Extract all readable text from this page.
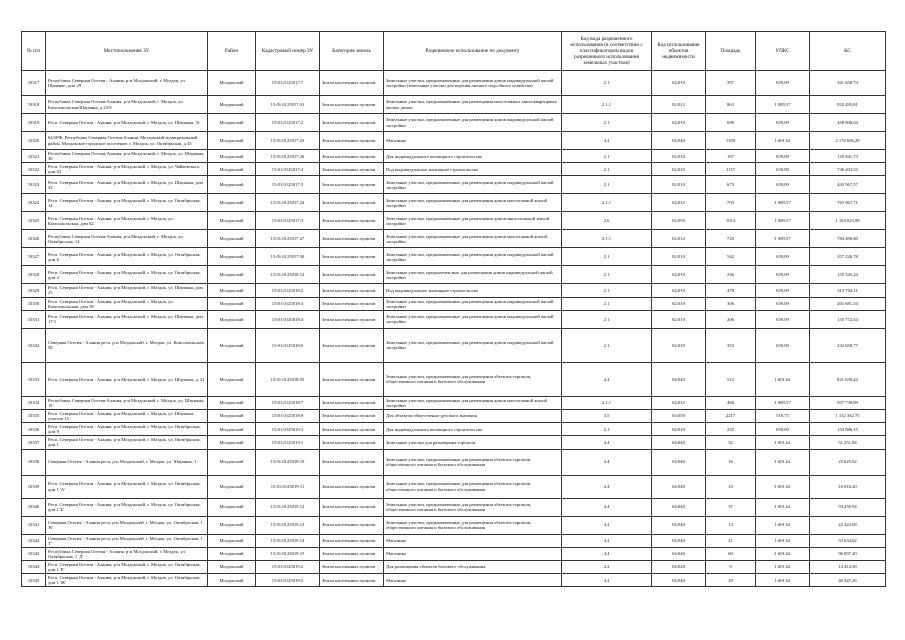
№ п/п	Местоположение ЗУ	Район	Кадастровый номер ЗУ	Категория земель	Разрешенное использование по документу	Код вида разрешенного использования (в соответствии с классификатором видов разрешенного использования земельных участков)	Код использования объектов недвижимости	Площадь	УПКС	КС
10317	Республика Северная Осетия - Алания, р-н Моздокский, г. Моздок, ул. Щаченко, дом 29	Моздокский	15:01:0125017:7	Земли населенных пунктов	Земельные участки, предназначенные для размещения домов индивидуальной жилой застройки (земельные участки для ведения личного подсобного хозяйства)	2.1	02:010	397	659,09	261 658,73
10318	Республика Северная Осетия-Алания, р-н Моздокский, г. Моздок, ул. Комсомольская/Шаумяна, д 23/9	Моздокский	15:01:0125017:31	Земли населенных пунктов	Земельные участки, предназначенные для размещения малоэтажных многоквартирных жилых домов	2.1.1	02:012	863	1 089,57	932 495,81
10319	Респ. Северная Осетия - Алания, р-н Моздокский, г. Моздок, ул. Шаумяна, 31	Моздокский	15:01:0125017:2	Земли населенных пунктов	Земельные участки, предназначенные для размещения домов индивидуальной жилой застройки	2.1	02:010	696	659,09	458 806,04
10320	643/РФ, Республика Северная Осетия-Алания, Моздокский муниципальный район, Моздокское городское поселение, г. Моздок, ул. Октябрьская, д 45	Моздокский	15:01:0125017:23	Земли населенных пунктов	Магазины	4.4	04:040	1359	1 601,62	2 176 606,29
10321	Республика Северная Осетия-Алания, р-н Моздокский, г. Моздок, ул. Шаумяна, 30	Моздокский	15:01:0125017:26	Земли населенных пунктов	Для индивидуального жилищного строительства	2.1	02:010	197	659,09	129 841,73
10322	Респ. Северная Осетия - Алания, р-н Моздокский, г. Моздок, ул. Чайковского, дом 82	Моздокский	15:01:0125017:4	Земли населенных пунктов	Под индивидуальное жилищное строительство	2.1	02:010	1117	659,09	736 203,53
10323	Респ. Северная Осетия - Алания, р-н Моздокский, г. Моздок, ул. Шаумяна, дом 33	Моздокский	15:01:0125017:5	Земли населенных пунктов	Земельные участки, предназначенные для размещения домов индивидуальной жилой застройки	2.1	02:010	673	659,09	443 567,57
10324	Респ. Северная Осетия - Алания, р-н Моздокский, г. Моздок, ул. Октябрьская, 12	Моздокский	15:01:0125017:24	Земли населенных пунктов	Земельные участки, предназначенные для размещения домов малоэтажной жилой застройки	2.1.1	02:012	703	1 089,57	765 967,71
10325	Респ. Северная Осетия - Алания, р-н Моздокский, г. Моздок, ул. Комсомольская, дом 62	Моздокский	15:01:0125017:3	Земли населенных пунктов	Земельные участки, предназначенные для размещения домов многоэтажной жилой застройки	2.6	02:050	1014	1 089,57	1 104 823,98
10326	Республика Северная Осетия-Алания, р-н Моздокский, г. Моздок, ул. Октябрьская, 14	Моздокский	15:01:0125017:27	Земли населенных пунктов	Земельные участки, предназначенные для размещения домов малоэтажной жилой застройки	2.1.1	02:012	720	1 089,57	784 490,40
10327	Респ. Северная Осетия - Алания, р-н Моздокский, г. Моздок, ул. Октябрьская, дом 6	Моздокский	15:01:0125017:30	Земли населенных пунктов	Земельные участки, предназначенные для размещения домов индивидуальной жилой застройки	2.1	02:010	542	659,09	357 226,78
10328	Респ. Северная Осетия - Алания, р-н Моздокский, г. Моздок, ул. Октябрьская, дом 2	Моздокский	15:01:0125018:12	Земли населенных пунктов	Земельные участки, предназачен-ные для размещения домов индивидуальной жилой застройки	2.1	02:010	236	659,09	155 545,24
10329	Респ. Северная Осетия - Алания, р-н Моздокский, г. Моздок, ул. Шаумяна, дом 25	Моздокский	15:01:0125018:2	Земли населенных пунктов	Под индивидуальное жилищное строительство	2.1	02:010	479	659,09	315 704,11
10330	Респ. Северная Осетия - Алания, р-н Моздокский, г. Моздок, ул. Комсомольская, дом 58	Моздокский	15:01:0125018:3	Земли населенных пунктов	Земельные участки, предназначенные для размещения домов индивидуальной жилой застройки	2.1	02:010	306	659,09	201 681,54
10331	Респ. Северная Осетия - Алания, р-н Моздокский, г. Моздок, ул. Шаумяна, дом 17/1	Моздокский	15:01:0125018:4	Земли населенных пунктов	Земельные участки, предназначенные для размещения домов индивидуальной жилой застройки	2.1	02:010	206	659,09	135 772,54
10332	Северная Осетия - Алания респ, р-н Моздокский, г. Моздок, ул. Комсомольская, 58	Моздокский	15:01:0125018:5	Земли населенных пунктов	Земельные участки, предназначенные для размещения домов индивидуальной жилой застройки	2.1	02:010	353	659,09	232 658,77
10333	Респ. Северная Осетия - Алания, р-н Моздокский, г. Моздок, ул. Шаумяна, д. 21	Моздокский	15:01:0125018:55	Земли населенных пунктов	Земельные участки, предназначенные для размещения объектов торговли, общественного питания и бытового обслуживания	4.4	04:040	513	1 601,62	821 630,44
10334	Республика Северная Осетия-Алания, р-н Моздокский, г. Моздок, ул. Шаумяна, 19	Моздокский	15:01:0125018:7	Земли населенных пунктов	Земельные участки, предназначенные для размещения домов малоэтажной жилой застройки	2.1.1	02:012	466	1 089,57	507 739,89
10335	Респ. Северная Осетия - Алания, р-н Моздокский, г. Моздок, ул. Шаумяна, участок 15	Моздокский	15:01:0125018:9	Земли населенных пунктов	Для объектов общественно-делового значения	3.5	03:050	2217	510,75	1 132 332,75
10336	Респ. Северная Осетия - Алания, р-н Моздокский, г. Моздок, ул. Октябрьская, дом 9	Моздокский	15:01:0125019:3	Земли населенных пунктов	Для индивидуального жилищного строительства	2.1	02:010	235	659,09	154 886,15
10337	Респ. Северная Осетия - Алания, р-н Моздокский, г. Моздок, ул. Октябрьская, дом 1	Моздокский	15:01:0125019:1	Земли населенных пунктов	Земельные участки для размещения торговли	4.4	04:040	32	1 601,62	51 251,84
10338	Северная Осетия - Алания респ, р-н Моздокский, г. Моздок, ул. Шаумяна, 1	Моздокский	15:01:0125019:10	Земли населенных пунктов	Земельные участки, предназначенные для размещения объектов торговли, общественного питания и бытового обслуживания	4.4	04:040	16	1 601,62	25 625,92
10339	Респ. Северная Осетия - Алания, р-н Моздокский, г. Моздок, ул. Октябрьская, дом 1 'А'	Моздокский	15:01:0125019:11	Земли населенных пунктов	Земельные участки, предназначенные для размещения объектов торговли, общественного питания и бытового обслуживания	4.4	04:040	10	1 601,62	16 016,20
10340	Респ. Северная Осетия - Алания, р-н Моздокский, г. Моздок, ул. Октябрьская, дом 1 'Б'	Моздокский	15:01:0125019:12	Земли населенных пунктов	Земельные участки, предназначенные для размещения объектов торговли, общественного питания и бытового обслуживания	4.4	04:040	37	1 601,62	59 259,94
10341	Северная Осетия - Алания респ, р-н Моздокский, г. Моздок, ул. Октябрьская, 1 'В'	Моздокский	15:01:0125019:13	Земли населенных пунктов	Земельные участки, предназначенные для размещения объектов торговли, общественного питания и бытового обслуживания	4.4	04:040	14	1 601,62	22 422,68
10342	Северная Осетия - Алания респ, р-н Моздокский, г. Моздок, ул. Октябрьская, 1 'Г'	Моздокский	15:01:0125019:14	Земли населенных пунктов	Магазины	4.4	04:040	21	1 601,62	33 634,02
10343	Республика Северная Осетия - Алания, р-н Моздокский, г. Моздок, ул. Октябрьская, 1 'Д'	Моздокский	15:01:0125019:15	Земли населенных пунктов	Магазины	4.4	04:040	60	1 601,62	96 097,20
10344	Респ. Северная Осетия - Алания, р-н Моздокский, г. Моздок, ул. Октябрьская, дом 1 'Е'	Моздокский	15:01:0125019:2	Земли населенных пунктов	Для размещения объектов бытового обслуживания	4.2	04:020	9	1 601,62	14 414,58
10345	Респ. Северная Осетия - Алания, р-н Моздокский, г. Моздок, ул. Октябрьская, дом 1 'Ж'	Моздокский	15:01:0125019:3	Земли населенных пунктов	Магазины	4.4	04:040	29	1 601,62	46 447,26
